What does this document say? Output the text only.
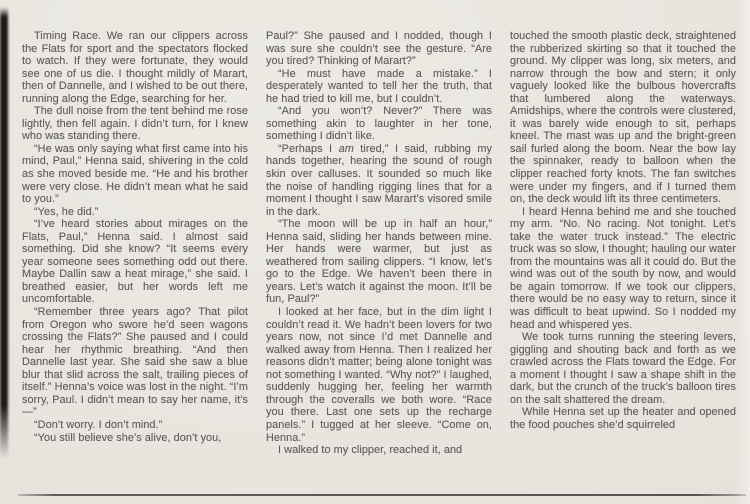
Timing Race. We ran our clippers across the Flats for sport and the spectators flocked to watch. If they were fortunate, they would see one of us die. I thought mildly of Marart, then of Dannelle, and I wished to be out there, running along the Edge, searching for her.

The dull noise from the tent behind me rose lightly, then fell again. I didn’t turn, for I knew who was standing there.

“He was only saying what first came into his mind, Paul,” Henna said, shivering in the cold as she moved beside me. “He and his brother were very close. He didn’t mean what he said to you.”

“Yes, he did.”

“I’ve heard stories about mirages on the Flats, Paul,” Henna said. I almost said something. Did she know? “It seems every year someone sees something odd out there. Maybe Dallin saw a heat mirage,” she said. I breathed easier, but her words left me uncomfortable.

“Remember three years ago? That pilot from Oregon who swore he’d seen wagons crossing the Flats?” She paused and I could hear her rhythmic breathing. “And then Dannelle last year. She said she saw a blue blur that slid across the salt, trailing pieces of itself.” Henna’s voice was lost in the night. “I’m sorry, Paul. I didn’t mean to say her name, it’s—”

“Don’t worry. I don’t mind.”

“You still believe she’s alive, don’t you,

Paul?” She paused and I nodded, though I was sure she couldn’t see the gesture. “Are you tired? Thinking of Marart?”

“He must have made a mistake.” I desperately wanted to tell her the truth, that he had tried to kill me, but I couldn’t.

“And you won’t? Never?” There was something akin to laughter in her tone, something I didn’t like.

“Perhaps I am tired,” I said, rubbing my hands together, hearing the sound of rough skin over calluses. It sounded so much like the noise of handling rigging lines that for a moment I thought I saw Marart’s visored smile in the dark.

“The moon will be up in half an hour,” Henna said, sliding her hands between mine. Her hands were warmer, but just as weathered from sailing clippers. “I know, let’s go to the Edge. We haven’t been there in years. Let’s watch it against the moon. It’ll be fun, Paul?”

I looked at her face, but in the dim light I couldn’t read it. We hadn’t been lovers for two years now, not since I’d met Dannelle and walked away from Henna. Then I realized her reasons didn’t matter; being alone tonight was not something I wanted. “Why not?” I laughed, suddenly hugging her, feeling her warmth through the coveralls we both wore. “Race you there. Last one sets up the recharge panels.” I tugged at her sleeve. “Come on, Henna.”

I walked to my clipper, reached it, and

touched the smooth plastic deck, straightened the rubberized skirting so that it touched the ground. My clipper was long, six meters, and narrow through the bow and stern; it only vaguely looked like the bulbous hovercrafts that lumbered along the waterways. Amidships, where the controls were clustered, it was barely wide enough to sit, perhaps kneel. The mast was up and the bright-green sail furled along the boom. Near the bow lay the spinnaker, ready to balloon when the clipper reached forty knots. The fan switches were under my fingers, and if I turned them on, the deck would lift its three centimeters.

I heard Henna behind me and she touched my arm. “No. No racing. Not tonight. Let’s take the water truck instead.” The electric truck was so slow, I thought; hauling our water from the mountains was all it could do. But the wind was out of the south by now, and would be again tomorrow. If we took our clippers, there would be no easy way to return, since it was difficult to beat upwind. So I nodded my head and whispered yes.

We took turns running the steering levers, giggling and shouting back and forth as we crawled across the Flats toward the Edge. For a moment I thought I saw a shape shift in the dark, but the crunch of the truck’s balloon tires on the salt shattered the dream.

While Henna set up the heater and opened the food pouches she’d squirreled
